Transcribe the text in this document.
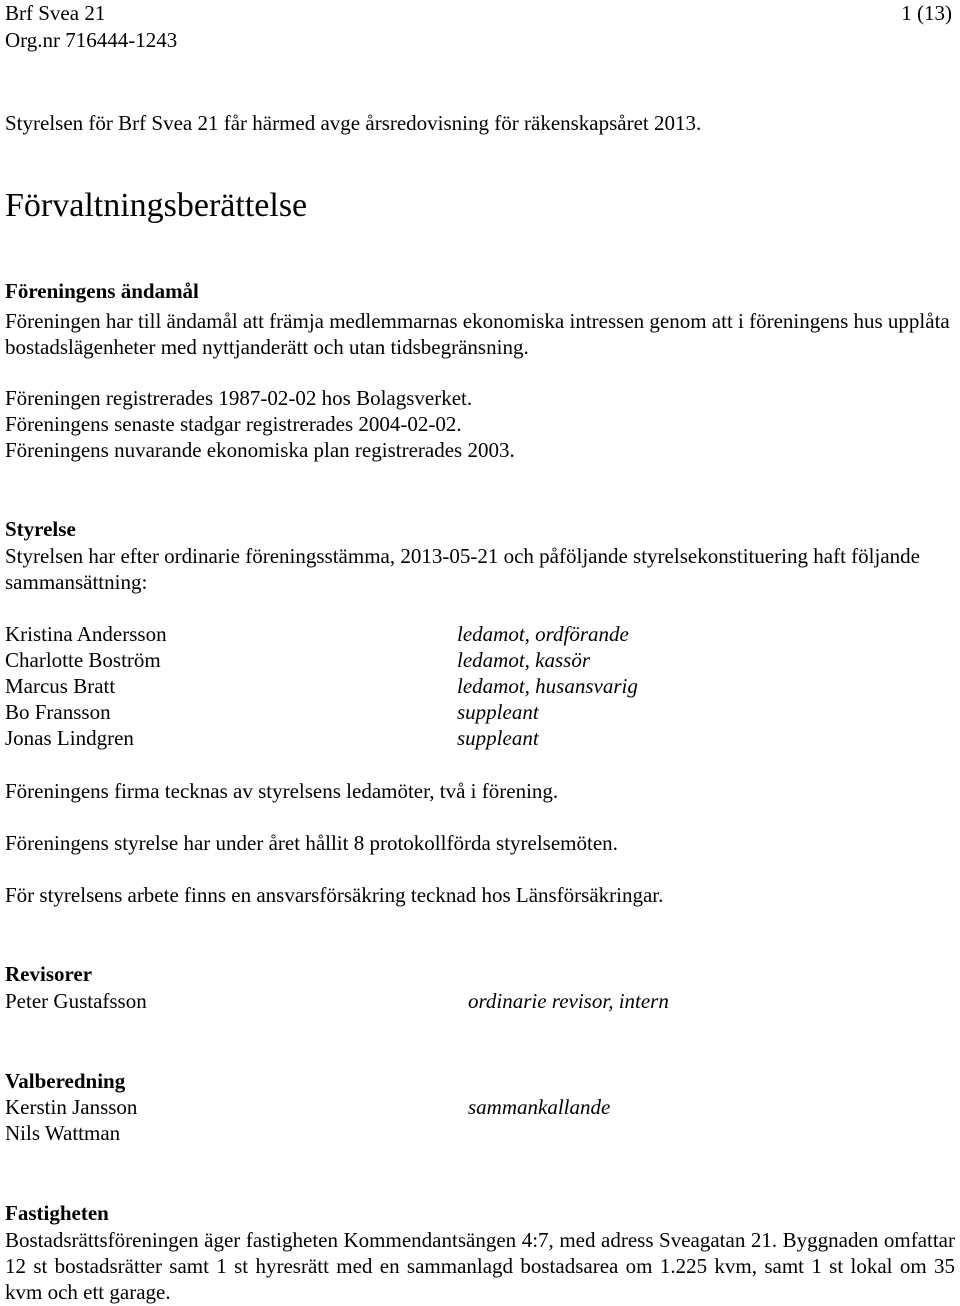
Brf Svea 21	1 (13)
Org.nr 716444-1243
Styrelsen för Brf Svea 21 får härmed avge årsredovisning för räkenskapsåret 2013.
Förvaltningsberättelse
Föreningens ändamål
Föreningen har till ändamål att främja medlemmarnas ekonomiska intressen genom att i föreningens hus upplåta bostadslägenheter med nyttjanderätt och utan tidsbegränsning.
Föreningen registrerades 1987-02-02 hos Bolagsverket.
Föreningens senaste stadgar registrerades 2004-02-02.
Föreningens nuvarande ekonomiska plan registrerades 2003.
Styrelse
Styrelsen har efter ordinarie föreningsstämma, 2013-05-21 och påföljande styrelsekonstituering haft följande sammansättning:
Kristina Andersson	ledamot, ordförande
Charlotte Boström	ledamot, kassör
Marcus Bratt	ledamot, husansvarig
Bo Fransson	suppleant
Jonas Lindgren	suppleant
Föreningens firma tecknas av styrelsens ledamöter, två i förening.
Föreningens styrelse har under året hållit 8 protokollförda styrelsemöten.
För styrelsens arbete finns en ansvarsförsäkring tecknad hos Länsförsäkringar.
Revisorer
Peter Gustafsson	ordinarie revisor, intern
Valberedning
Kerstin Jansson	sammankallande
Nils Wattman
Fastigheten
Bostadsrättsföreningen äger fastigheten Kommendantsängen 4:7, med adress Sveagatan 21. Byggnaden omfattar 12 st bostadsrätter samt 1 st hyresrätt med en sammanlagd bostadsarea om 1.225 kvm, samt 1 st lokal om 35 kvm och ett garage.
